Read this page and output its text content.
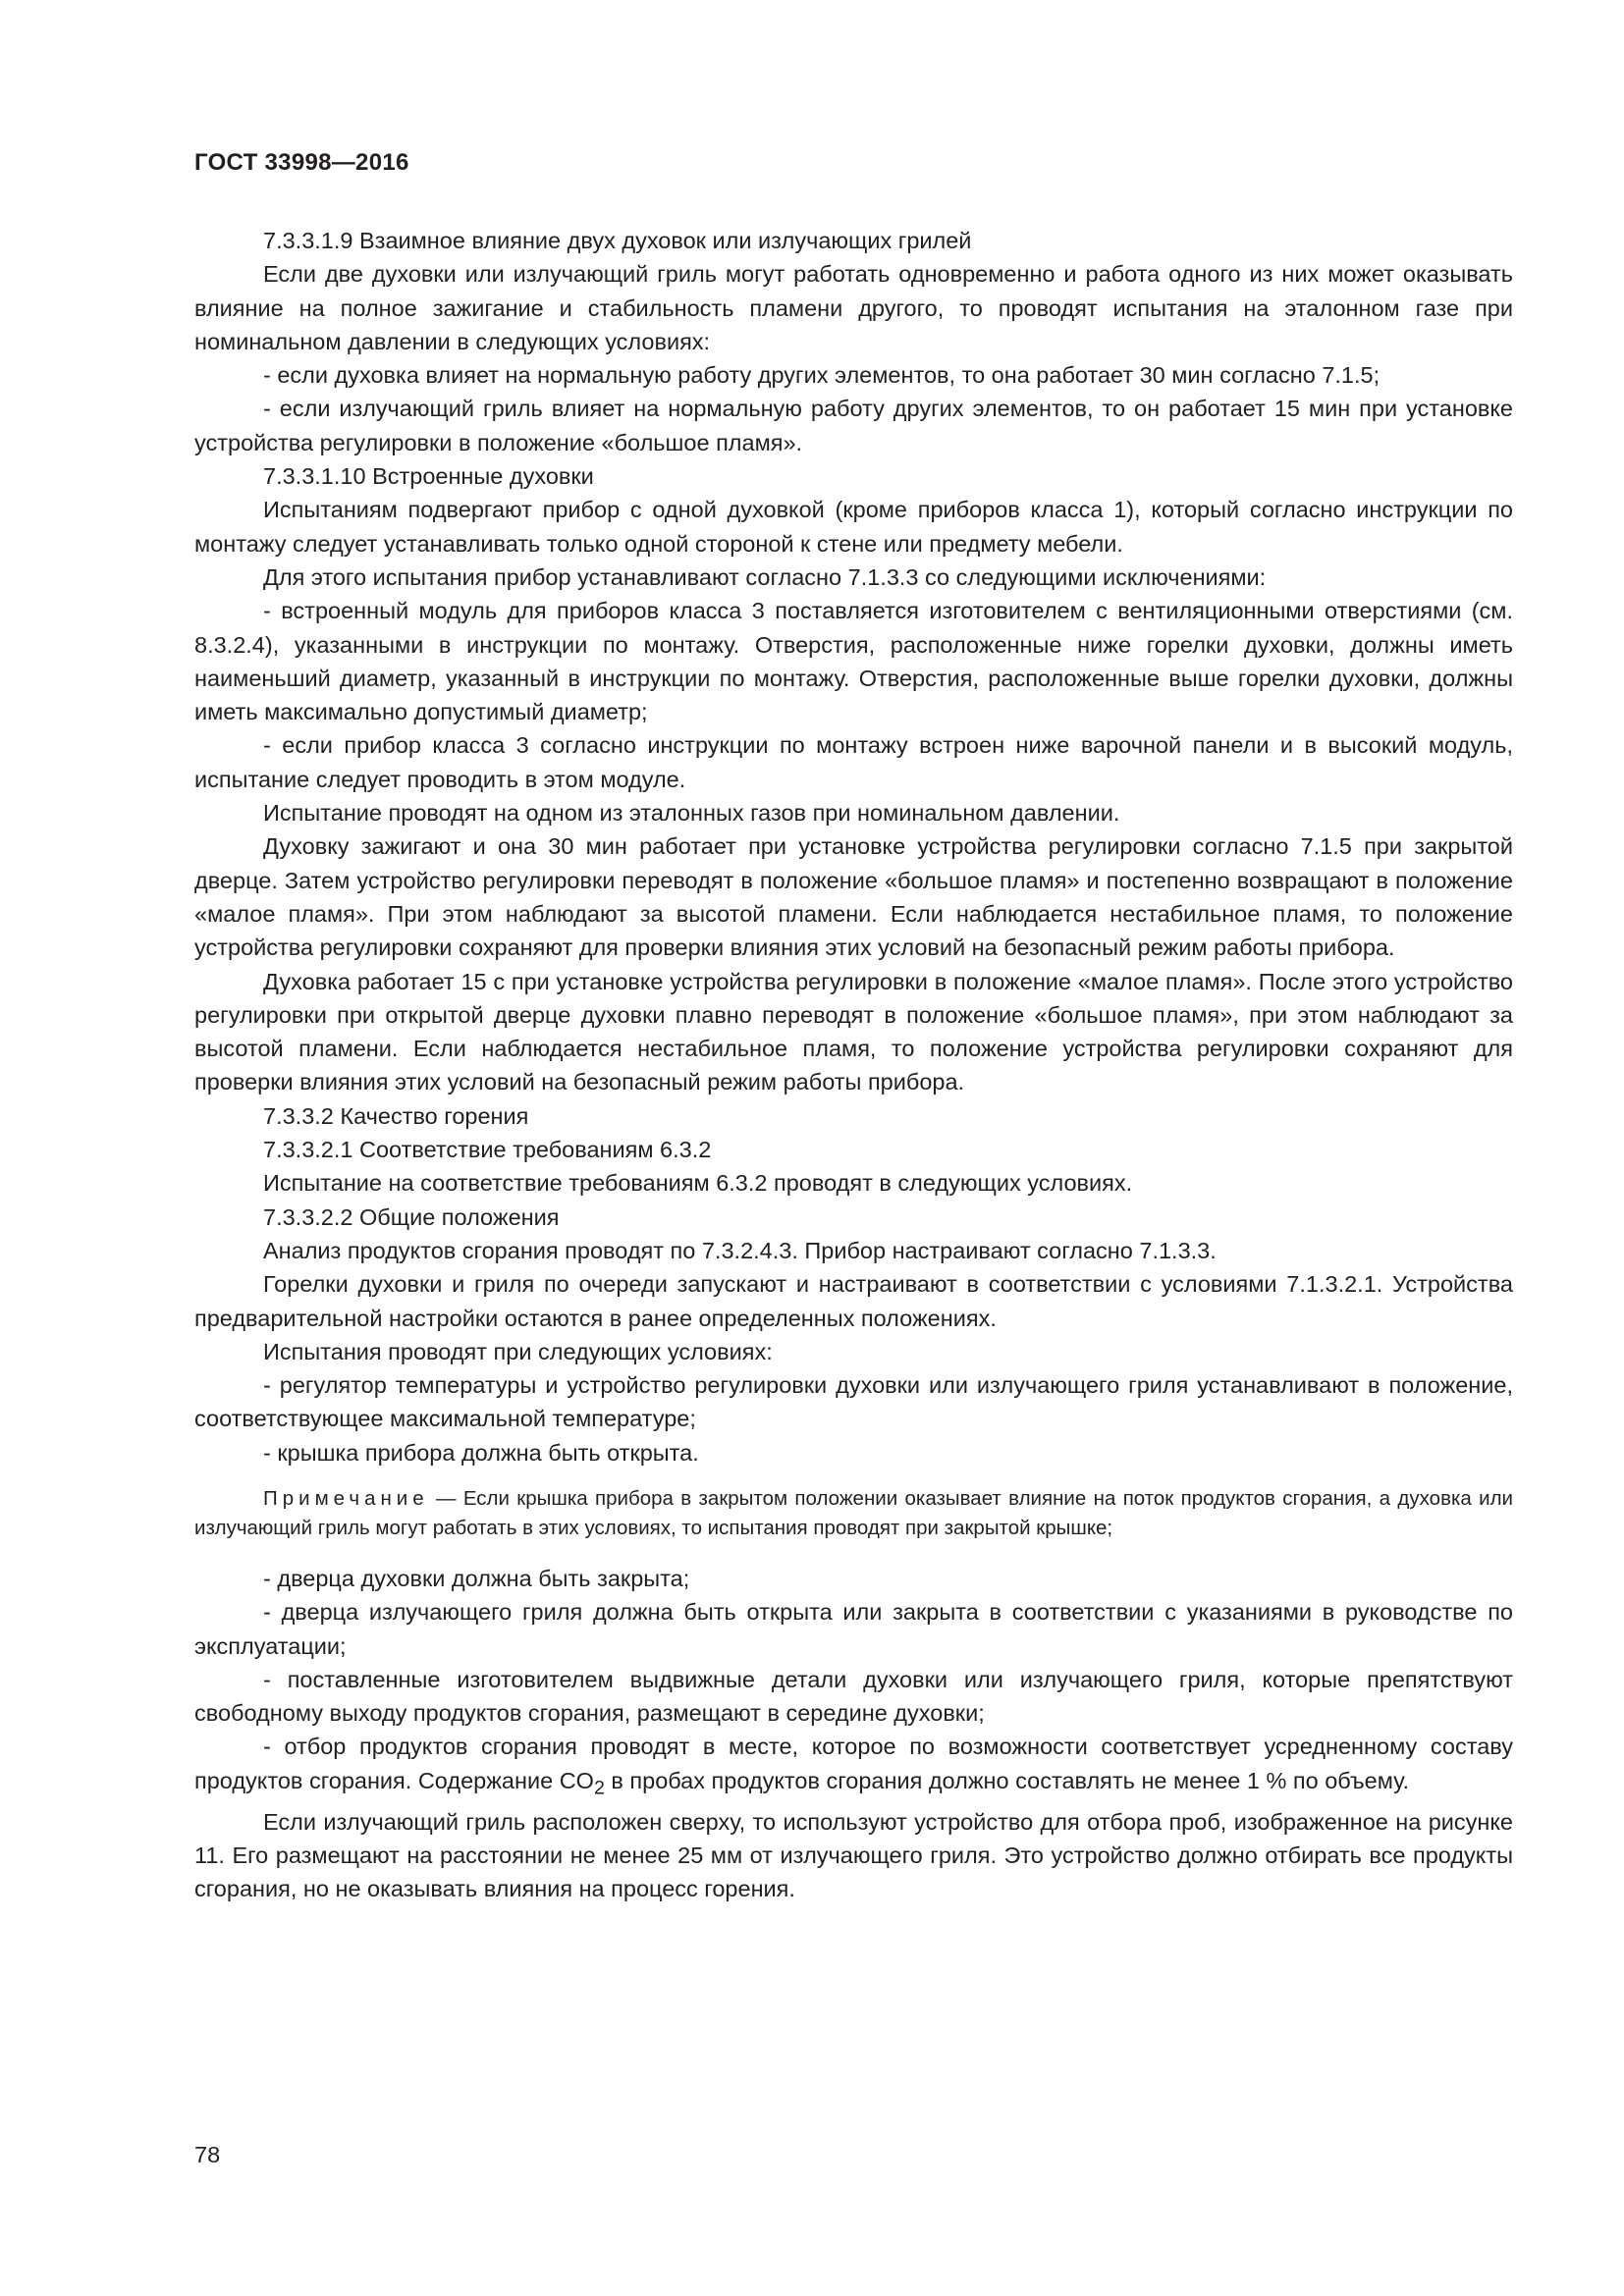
ГОСТ 33998—2016

7.3.3.1.9 Взаимное влияние двух духовок или излучающих грилей

Если две духовки или излучающий гриль могут работать одновременно и работа одного из них может оказывать влияние на полное зажигание и стабильность пламени другого, то проводят испытания на эталонном газе при номинальном давлении в следующих условиях:

- если духовка влияет на нормальную работу других элементов, то она работает 30 мин согласно 7.1.5;

- если излучающий гриль влияет на нормальную работу других элементов, то он работает 15 мин при установке устройства регулировки в положение «большое пламя».

7.3.3.1.10 Встроенные духовки

Испытаниям подвергают прибор с одной духовкой (кроме приборов класса 1), который согласно инструкции по монтажу следует устанавливать только одной стороной к стене или предмету мебели.

Для этого испытания прибор устанавливают согласно 7.1.3.3 со следующими исключениями:

- встроенный модуль для приборов класса 3 поставляется изготовителем с вентиляционными отверстиями (см. 8.3.2.4), указанными в инструкции по монтажу. Отверстия, расположенные ниже горелки духовки, должны иметь наименьший диаметр, указанный в инструкции по монтажу. Отверстия, расположенные выше горелки духовки, должны иметь максимально допустимый диаметр;

- если прибор класса 3 согласно инструкции по монтажу встроен ниже варочной панели и в высокий модуль, испытание следует проводить в этом модуле.

Испытание проводят на одном из эталонных газов при номинальном давлении.

Духовку зажигают и она 30 мин работает при установке устройства регулировки согласно 7.1.5 при закрытой дверце. Затем устройство регулировки переводят в положение «большое пламя» и постепенно возвращают в положение «малое пламя». При этом наблюдают за высотой пламени. Если наблюдается нестабильное пламя, то положение устройства регулировки сохраняют для проверки влияния этих условий на безопасный режим работы прибора.

Духовка работает 15 с при установке устройства регулировки в положение «малое пламя». После этого устройство регулировки при открытой дверце духовки плавно переводят в положение «большое пламя», при этом наблюдают за высотой пламени. Если наблюдается нестабильное пламя, то положение устройства регулировки сохраняют для проверки влияния этих условий на безопасный режим работы прибора.

7.3.3.2 Качество горения

7.3.3.2.1 Соответствие требованиям 6.3.2

Испытание на соответствие требованиям 6.3.2 проводят в следующих условиях.

7.3.3.2.2 Общие положения

Анализ продуктов сгорания проводят по 7.3.2.4.3. Прибор настраивают согласно 7.1.3.3.

Горелки духовки и гриля по очереди запускают и настраивают в соответствии с условиями 7.1.3.2.1. Устройства предварительной настройки остаются в ранее определенных положениях.

Испытания проводят при следующих условиях:

- регулятор температуры и устройство регулировки духовки или излучающего гриля устанавливают в положение, соответствующее максимальной температуре;

- крышка прибора должна быть открыта.

Примечание — Если крышка прибора в закрытом положении оказывает влияние на поток продуктов сгорания, а духовка или излучающий гриль могут работать в этих условиях, то испытания проводят при закрытой крышке;

- дверца духовки должна быть закрыта;

- дверца излучающего гриля должна быть открыта или закрыта в соответствии с указаниями в руководстве по эксплуатации;

- поставленные изготовителем выдвижные детали духовки или излучающего гриля, которые препятствуют свободному выходу продуктов сгорания, размещают в середине духовки;

- отбор продуктов сгорания проводят в месте, которое по возможности соответствует усредненному составу продуктов сгорания. Содержание $CO_2$ в пробах продуктов сгорания должно составлять не менее 1 % по объему.

Если излучающий гриль расположен сверху, то используют устройство для отбора проб, изображенное на рисунке 11. Его размещают на расстоянии не менее 25 мм от излучающего гриля. Это устройство должно отбирать все продукты сгорания, но не оказывать влияния на процесс горения.

78
